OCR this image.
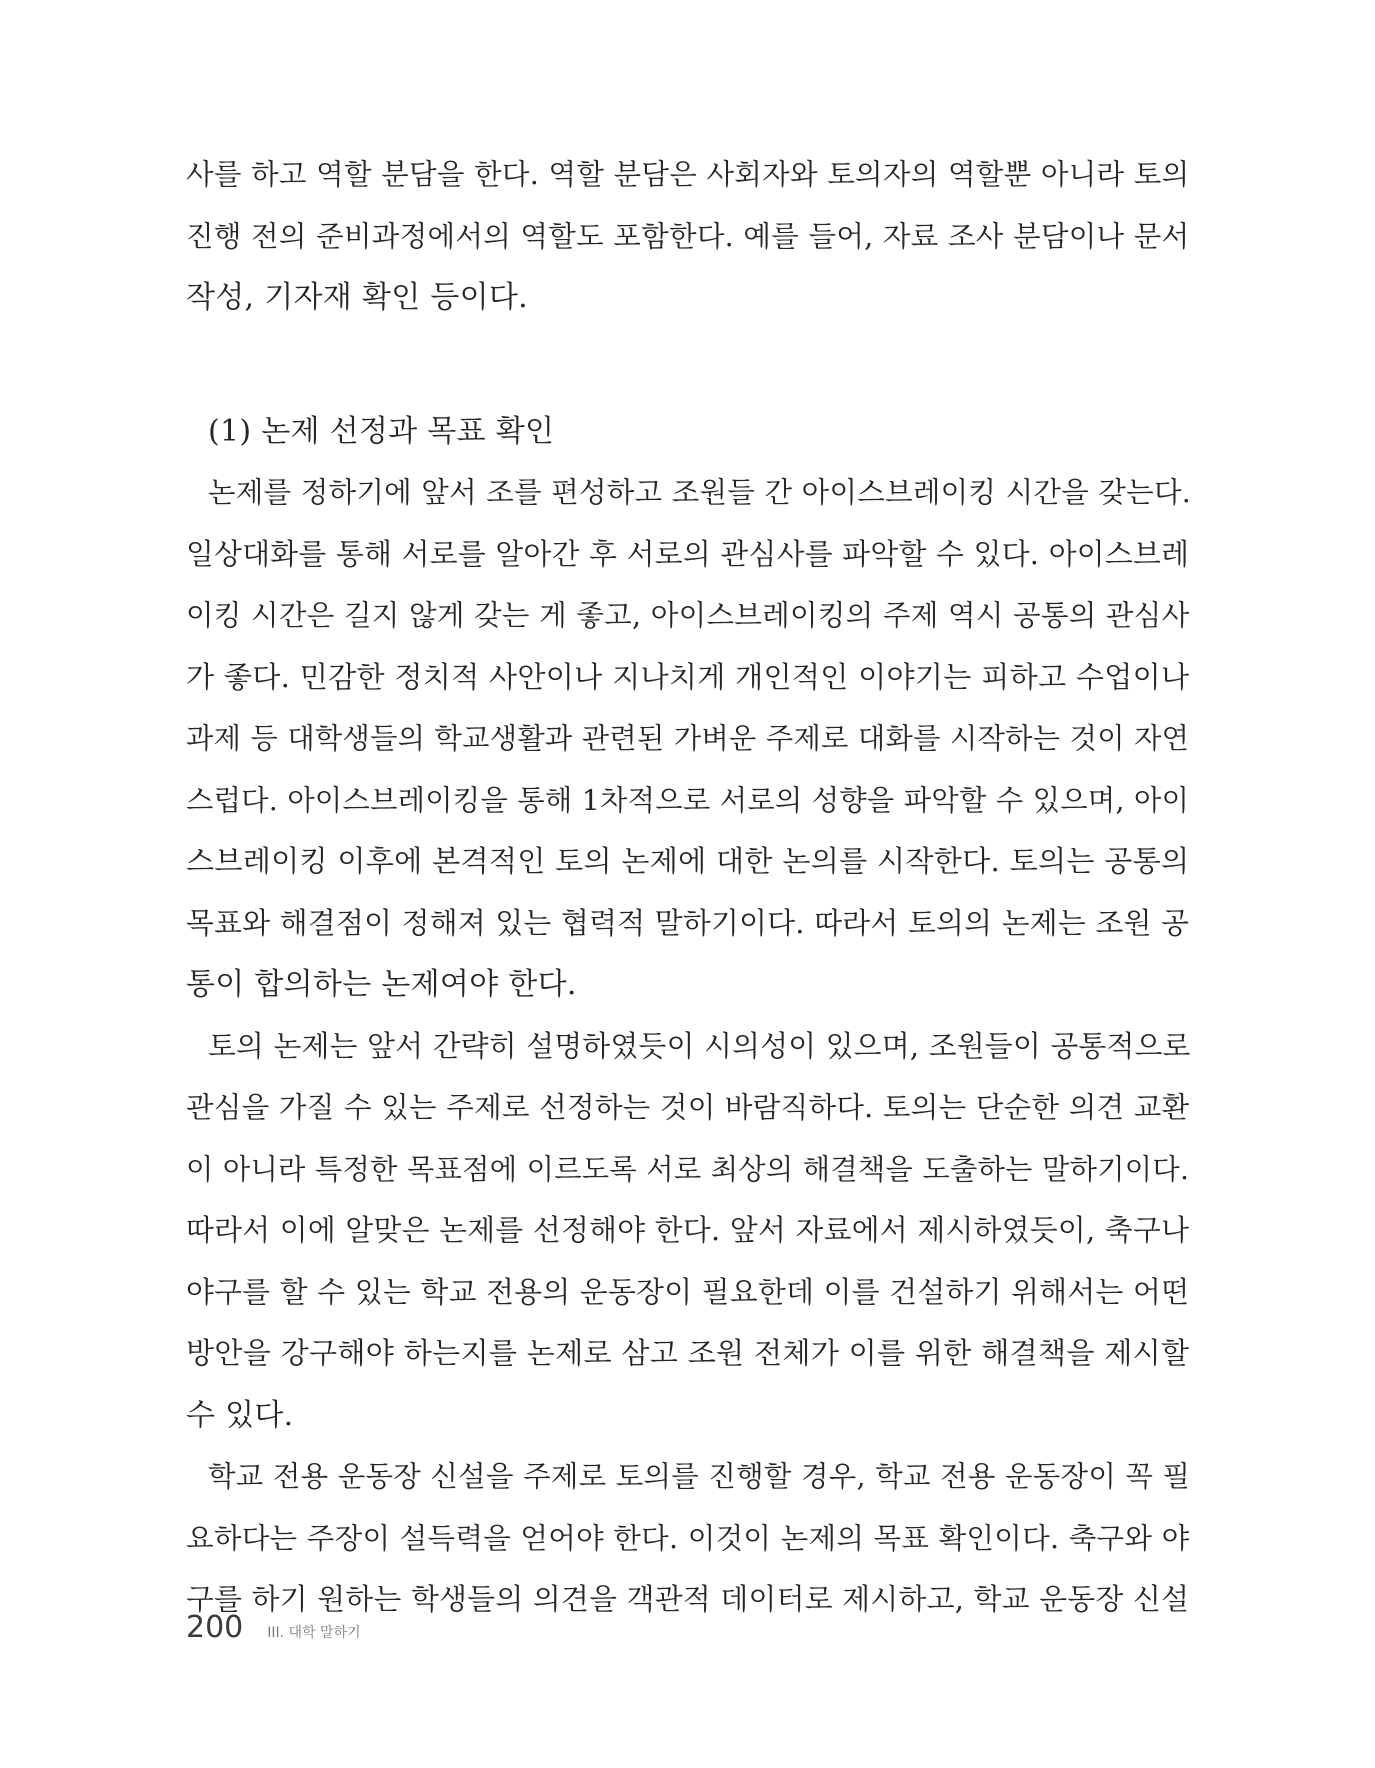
사를 하고 역할 분담을 한다. 역할 분담은 사회자와 토의자의 역할뿐 아니라 토의
진행 전의 준비과정에서의 역할도 포함한다. 예를 들어, 자료 조사 분담이나 문서
작성, 기자재 확인 등이다.
(1) 논제 선정과 목표 확인
논제를 정하기에 앞서 조를 편성하고 조원들 간 아이스브레이킹 시간을 갖는다.
일상대화를 통해 서로를 알아간 후 서로의 관심사를 파악할 수 있다. 아이스브레
이킹 시간은 길지 않게 갖는 게 좋고, 아이스브레이킹의 주제 역시 공통의 관심사
가 좋다. 민감한 정치적 사안이나 지나치게 개인적인 이야기는 피하고 수업이나
과제 등 대학생들의 학교생활과 관련된 가벼운 주제로 대화를 시작하는 것이 자연
스럽다. 아이스브레이킹을 통해 1차적으로 서로의 성향을 파악할 수 있으며, 아이
스브레이킹 이후에 본격적인 토의 논제에 대한 논의를 시작한다. 토의는 공통의
목표와 해결점이 정해져 있는 협력적 말하기이다. 따라서 토의의 논제는 조원 공
통이 합의하는 논제여야 한다.
토의 논제는 앞서 간략히 설명하였듯이 시의성이 있으며, 조원들이 공통적으로
관심을 가질 수 있는 주제로 선정하는 것이 바람직하다. 토의는 단순한 의견 교환
이 아니라 특정한 목표점에 이르도록 서로 최상의 해결책을 도출하는 말하기이다.
따라서 이에 알맞은 논제를 선정해야 한다. 앞서 자료에서 제시하였듯이, 축구나
야구를 할 수 있는 학교 전용의 운동장이 필요한데 이를 건설하기 위해서는 어떤
방안을 강구해야 하는지를 논제로 삼고 조원 전체가 이를 위한 해결책을 제시할
수 있다.
학교 전용 운동장 신설을 주제로 토의를 진행할 경우, 학교 전용 운동장이 꼭 필
요하다는 주장이 설득력을 얻어야 한다. 이것이 논제의 목표 확인이다. 축구와 야
구를 하기 원하는 학생들의 의견을 객관적 데이터로 제시하고, 학교 운동장 신설
200 III. 대학 말하기
